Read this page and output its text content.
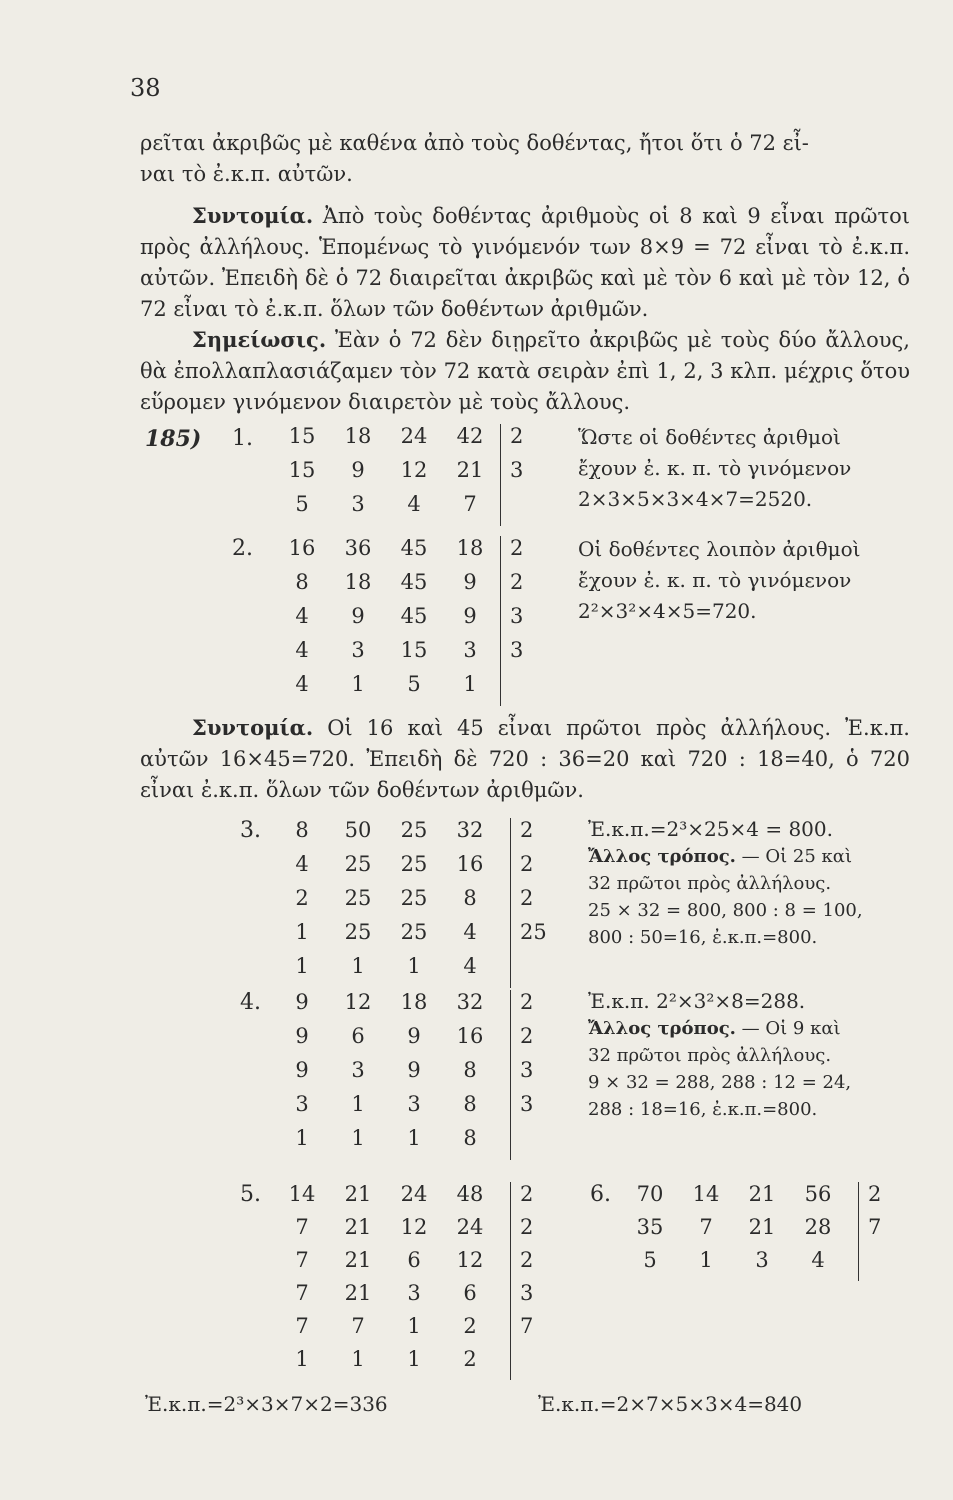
38
ρεῖται ἀκριβῶς μὲ καθένα ἀπὸ τοὺς δοθέντας, ἤτοι ὅτι ὁ 72 εἶ-
ναι τὸ ἐ.κ.π. αὐτῶν.
Συντομία. Ἀπὸ τοὺς δοθέντας ἀριθμοὺς οἱ 8 καὶ 9 εἶναι πρῶτοι πρὸς ἀλλήλους. Ἑπομένως τὸ γινόμενόν των 8×9 = 72 εἶναι τὸ ἐ.κ.π. αὐτῶν. Ἐπειδὴ δὲ ὁ 72 διαιρεῖται ἀκριβῶς καὶ μὲ τὸν 6 καὶ μὲ τὸν 12, ὁ 72 εἶναι τὸ ἐ.κ.π. ὅλων τῶν δοθέντων ἀριθμῶν.
Σημείωσις. Ἐὰν ὁ 72 δὲν διῃρεῖτο ἀκριβῶς μὲ τοὺς δύο ἄλλους, θὰ ἐπολλαπλασιάζαμεν τὸν 72 κατὰ σειρὰν ἐπὶ 1, 2, 3 κλπ. μέχρις ὅτου εὕρομεν γινόμενον διαιρετὸν μὲ τοὺς ἄλλους.
185) 1.	15	18	24	42	2
15	9	12	21	3
5	3	4	7
Ὥστε οἱ δοθέντες ἀριθμοὶ
ἔχουν ἐ. κ. π. τὸ γινόμενον
2×3×5×3×4×7=2520.
2.	16	36	45	18	2
8	18	45	9	2
4	9	45	9	3
4	3	15	3	3
4	1	5	1
Οἱ δοθέντες λοιπὸν ἀριθμοὶ
ἔχουν ἐ. κ. π. τὸ γινόμενον
2²×3²×4×5=720.
Συντομία. Οἱ 16 καὶ 45 εἶναι πρῶτοι πρὸς ἀλλήλους. Ἐ.κ.π. αὐτῶν 16×45=720. Ἐπειδὴ δὲ 720 : 36=20 καὶ 720 : 18=40, ὁ 720 εἶναι ἐ.κ.π. ὅλων τῶν δοθέντων ἀριθμῶν.
3.	8	50	25	32	2
4	25	25	16	2
2	25	25	8	2
1	25	25	4	25
1	1	1	4
Ἐ.κ.π.=2³×25×4 = 800.
Ἄλλος τρόπος. — Οἱ 25 καὶ
32 πρῶτοι πρὸς ἀλλήλους.
25 × 32 = 800, 800 : 8 = 100,
800 : 50=16, ἐ.κ.π.=800.
4.	9	12	18	32	2
9	6	9	16	2
9	3	9	8	3
3	1	3	8	3
1	1	1	8
Ἐ.κ.π. 2²×3²×8=288.
Ἄλλος τρόπος. — Οἱ 9 καὶ
32 πρῶτοι πρὸς ἀλλήλους.
9 × 32 = 288, 288 : 12 = 24,
288 : 18=16, ἐ.κ.π.=800.
5.	14	21	24	48	2
7	21	12	24	2
7	21	6	12	2
7	21	3	6	3
7	7	1	2	7
1	1	1	2
6.	70	14	21	56	2
35	7	21	28	7
5	1	3	4
Ἐ.κ.π.=2³×3×7×2=336	Ἐ.κ.π.=2×7×5×3×4=840
